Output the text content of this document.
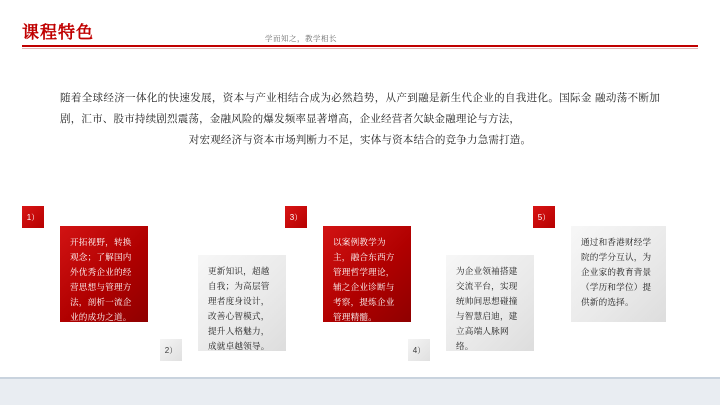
课程特色	学而知之，教学相长
随着全球经济一体化的快速发展，资本与产业相结合成为必然趋势，从产到融是新生代企业的自我进化。国际金 融动荡不断加剧，汇市、股市持续剧烈震荡，金融风险的爆发频率显著增高，企业经营者欠缺金融理论与方法，
对宏观经济与资本市场判断力不足，实体与资本结合的竞争力急需打造。
1）
开拓视野，转换观念；了解国内外优秀企业的经营思想与管理方法，剖析一流企业的成功之道。
2）
更新知识，超越自我；为高层管理者度身设计，改善心智模式，提升人格魅力，成就卓越领导。
3）
以案例教学为主，融合东西方管理哲学理论，辅之企业诊断与考察，提炼企业管理精髓。
4）
为企业领袖搭建交流平台，实现统帅间思想碰撞与智慧启迪，建立高端人脉网络。
5）
通过和香港财经学院的学分互认，为企业家的教育背景（学历和学位）提供新的选择。
